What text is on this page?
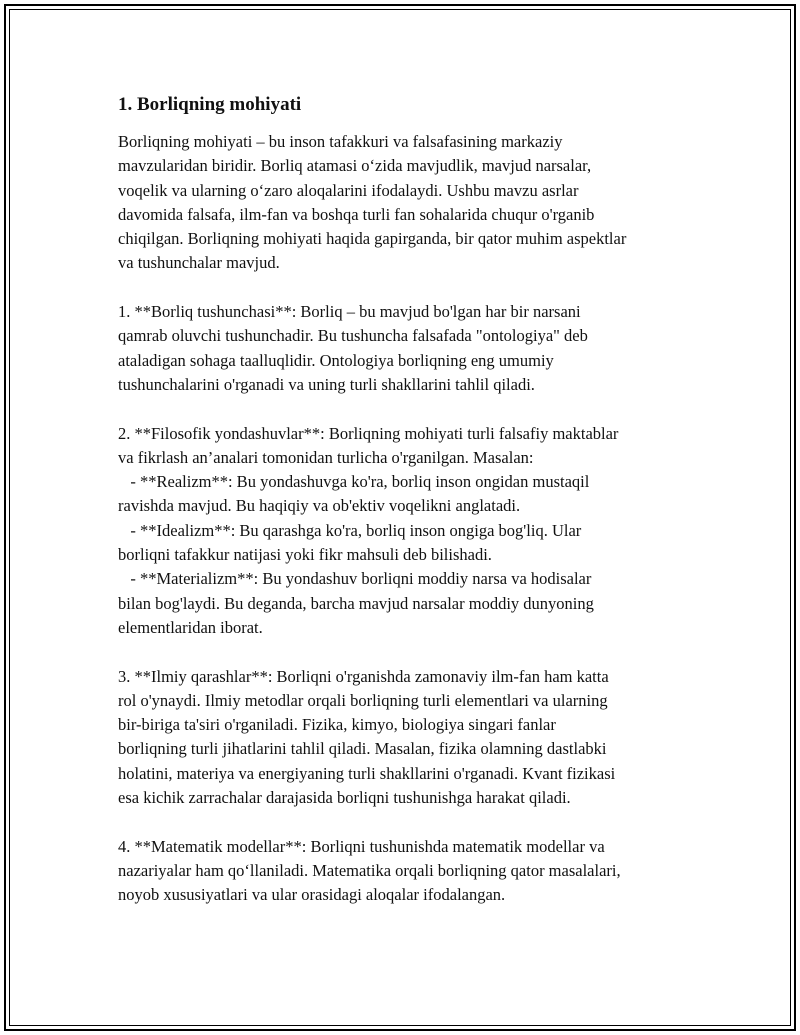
1. Borliqning mohiyati

Borliqning mohiyati – bu inson tafakkuri va falsafasining markaziy
mavzularidan biridir. Borliq atamasi o‘zida mavjudlik, mavjud narsalar,
voqelik va ularning o‘zaro aloqalarini ifodalaydi. Ushbu mavzu asrlar
davomida falsafa, ilm-fan va boshqa turli fan sohalarida chuqur o'rganib
chiqilgan. Borliqning mohiyati haqida gapirganda, bir qator muhim aspektlar
va tushunchalar mavjud.

1. **Borliq tushunchasi**: Borliq – bu mavjud bo'lgan har bir narsani
qamrab oluvchi tushunchadir. Bu tushuncha falsafada "ontologiya" deb
ataladigan sohaga taalluqlidir. Ontologiya borliqning eng umumiy
tushunchalarini o'rganadi va uning turli shakllarini tahlil qiladi.

2. **Filosofik yondashuvlar**: Borliqning mohiyati turli falsafiy maktablar
va fikrlash an’analari tomonidan turlicha o'rganilgan. Masalan:
- **Realizm**: Bu yondashuvga ko'ra, borliq inson ongidan mustaqil
ravishda mavjud. Bu haqiqiy va ob'ektiv voqelikni anglatadi.
- **Idealizm**: Bu qarashga ko'ra, borliq inson ongiga bog'liq. Ular
borliqni tafakkur natijasi yoki fikr mahsuli deb bilishadi.
- **Materializm**: Bu yondashuv borliqni moddiy narsa va hodisalar
bilan bog'laydi. Bu deganda, barcha mavjud narsalar moddiy dunyoning
elementlaridan iborat.

3. **Ilmiy qarashlar**: Borliqni o'rganishda zamonaviy ilm-fan ham katta
rol o'ynaydi. Ilmiy metodlar orqali borliqning turli elementlari va ularning
bir-biriga ta'siri o'rganiladi. Fizika, kimyo, biologiya singari fanlar
borliqning turli jihatlarini tahlil qiladi. Masalan, fizika olamning dastlabki
holatini, materiya va energiyaning turli shakllarini o'rganadi. Kvant fizikasi
esa kichik zarrachalar darajasida borliqni tushunishga harakat qiladi.

4. **Matematik modellar**: Borliqni tushunishda matematik modellar va
nazariyalar ham qo‘llaniladi. Matematika orqali borliqning qator masalalari,
noyob xususiyatlari va ular orasidagi aloqalar ifodalangan.
